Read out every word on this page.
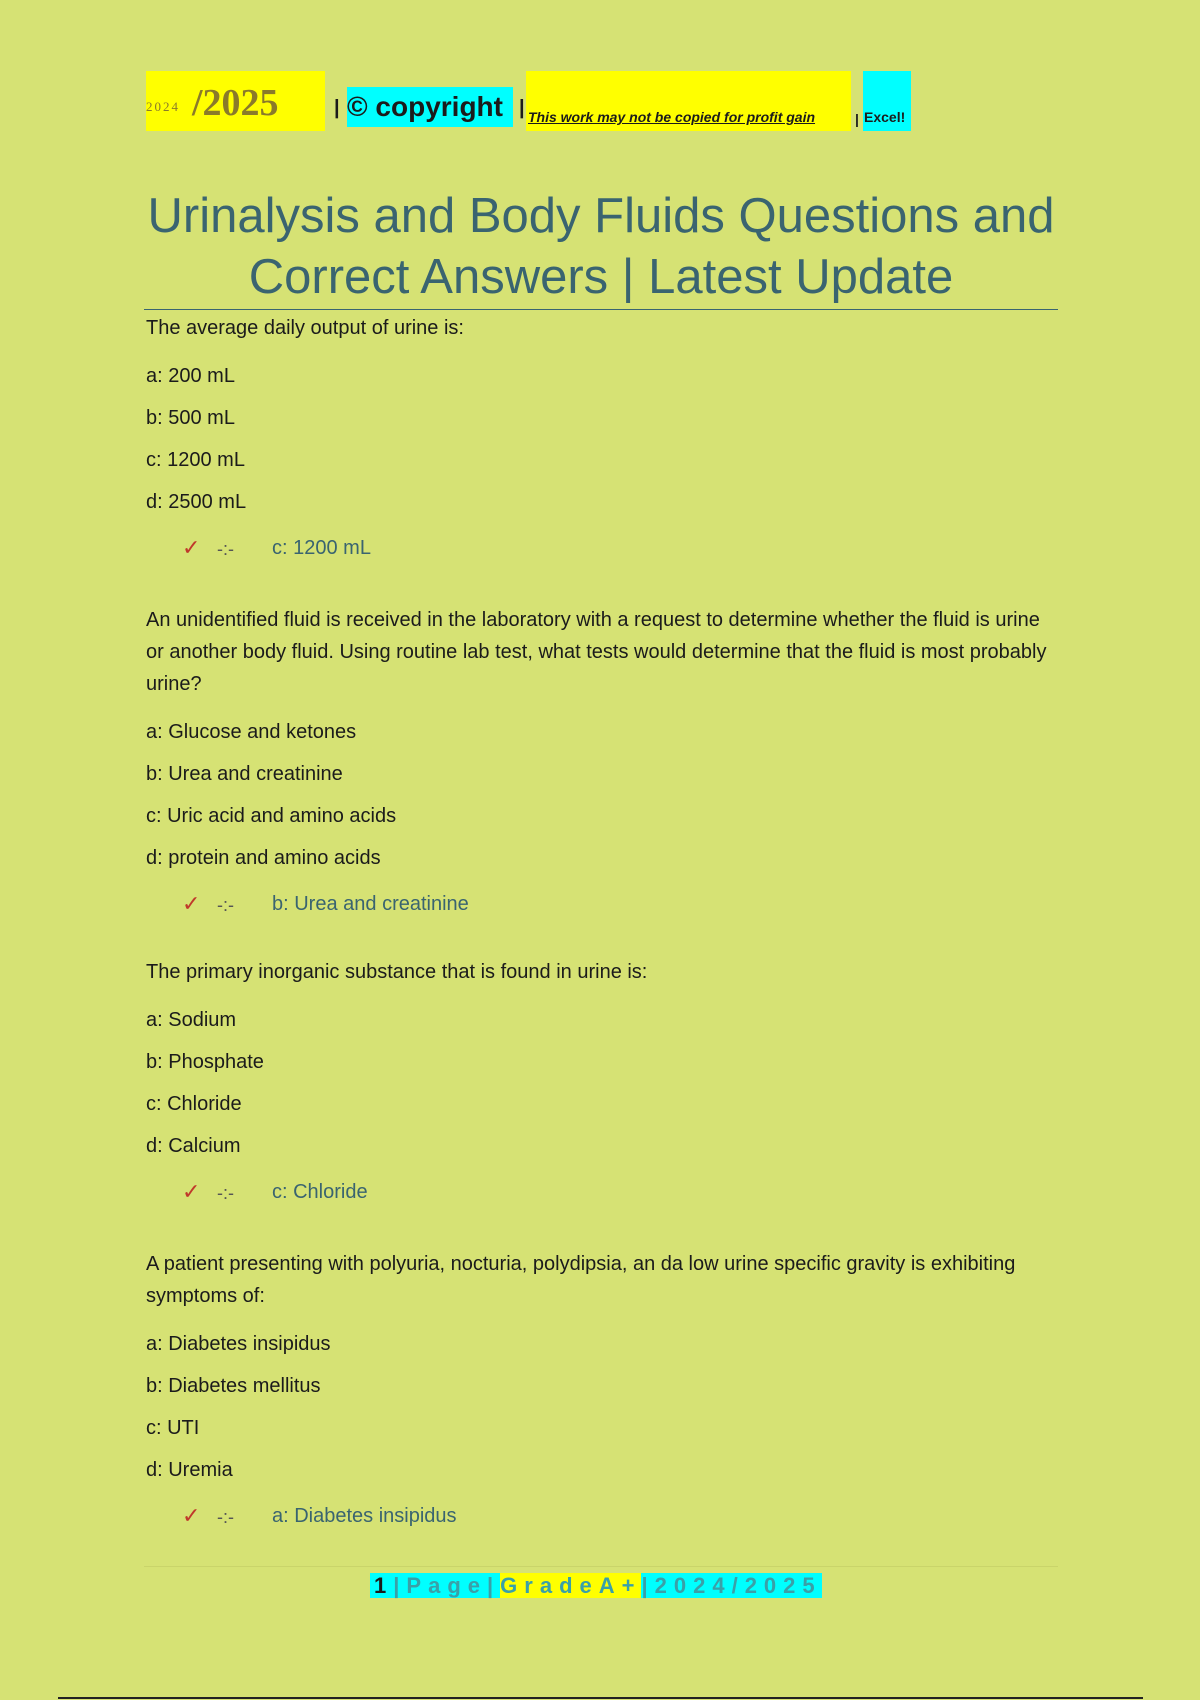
2024 /2025	| © copyright | This work may not be copied for profit gain	| Excel!
Urinalysis and Body Fluids Questions and Correct Answers | Latest Update
The average daily output of urine is:
a: 200 mL
b: 500 mL
c: 1200 mL
d: 2500 mL
✓ -:- c: 1200 mL
An unidentified fluid is received in the laboratory with a request to determine whether the fluid is urine or another body fluid. Using routine lab test, what tests would determine that the fluid is most probably urine?
a: Glucose and ketones
b: Urea and creatinine
c: Uric acid and amino acids
d: protein and amino acids
✓ -:- b: Urea and creatinine
The primary inorganic substance that is found in urine is:
a: Sodium
b: Phosphate
c: Chloride
d: Calcium
✓ -:- c: Chloride
A patient presenting with polyuria, nocturia, polydipsia, an da low urine specific gravity is exhibiting symptoms of:
a: Diabetes insipidus
b: Diabetes mellitus
c: UTI
d: Uremia
✓ -:- a: Diabetes insipidus
1|Page|GradeA+|2024/2025
